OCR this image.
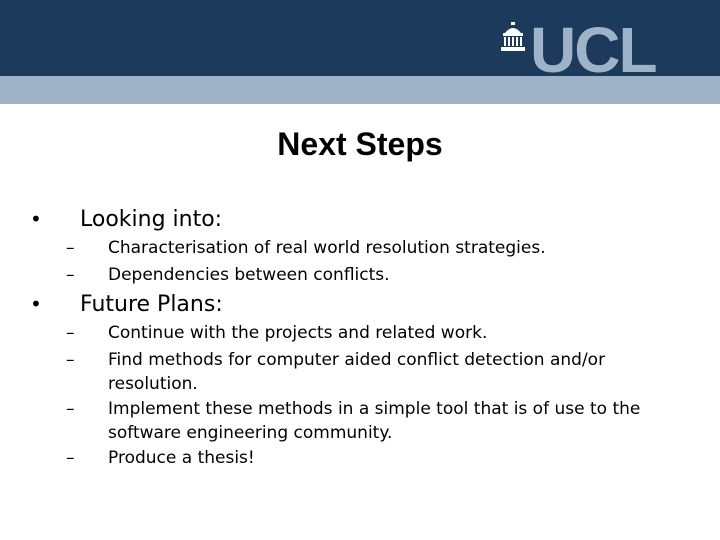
UCL
Next Steps
• Looking into:
– Characterisation of real world resolution strategies.
– Dependencies between conflicts.
• Future Plans:
– Continue with the projects and related work.
– Find methods for computer aided conflict detection and/or resolution.
– Implement these methods in a simple tool that is of use to the software engineering community.
– Produce a thesis!
